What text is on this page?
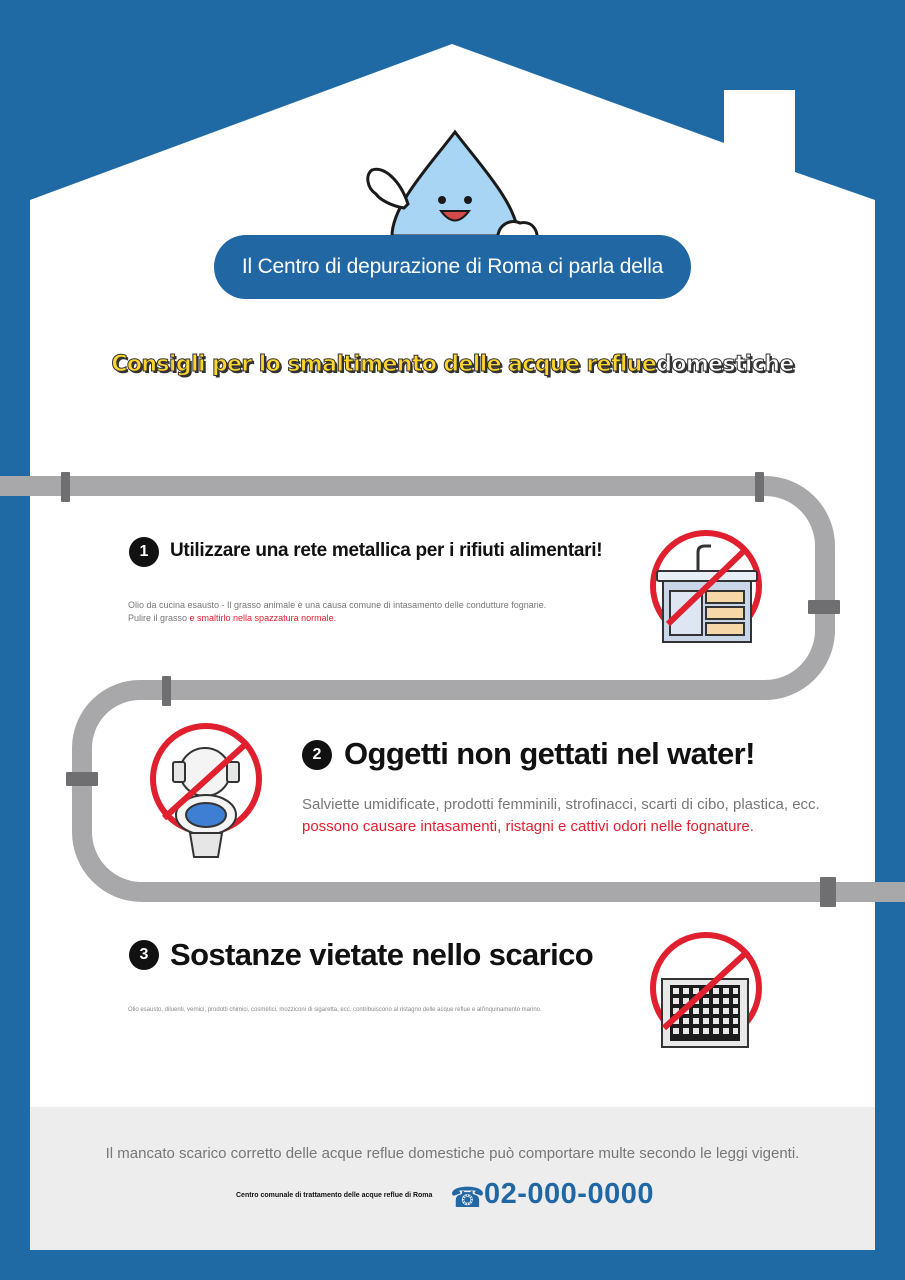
Il Centro di depurazione di Roma ci parla della
Consigli per lo smaltimento delle acque refluedomestiche
1	Utilizzare una rete metallica per i rifiuti alimentari!
Olio da cucina esausto - Il grasso animale è una causa comune di intasamento delle condutture fognarie.
Pulire il grasso e smaltirlo nella spazzatura normale.
2 Oggetti non gettati nel water!
Salviette umidificate, prodotti femminili, strofinacci, scarti di cibo, plastica, ecc.
possono causare intasamenti, ristagni e cattivi odori nelle fognature.
3 Sostanze vietate nello scarico
Olio esausto, diluenti, vernici, prodotti chimici, cosmetici, mozziconi di sigaretta, ecc. contribuiscono al ristagno delle acque reflue e all'inquinamento marino.
Il mancato scarico corretto delle acque reflue domestiche può comportare multe secondo le leggi vigenti.
Centro comunale di trattamento delle acque reflue di Roma ☎ 02-000-0000
